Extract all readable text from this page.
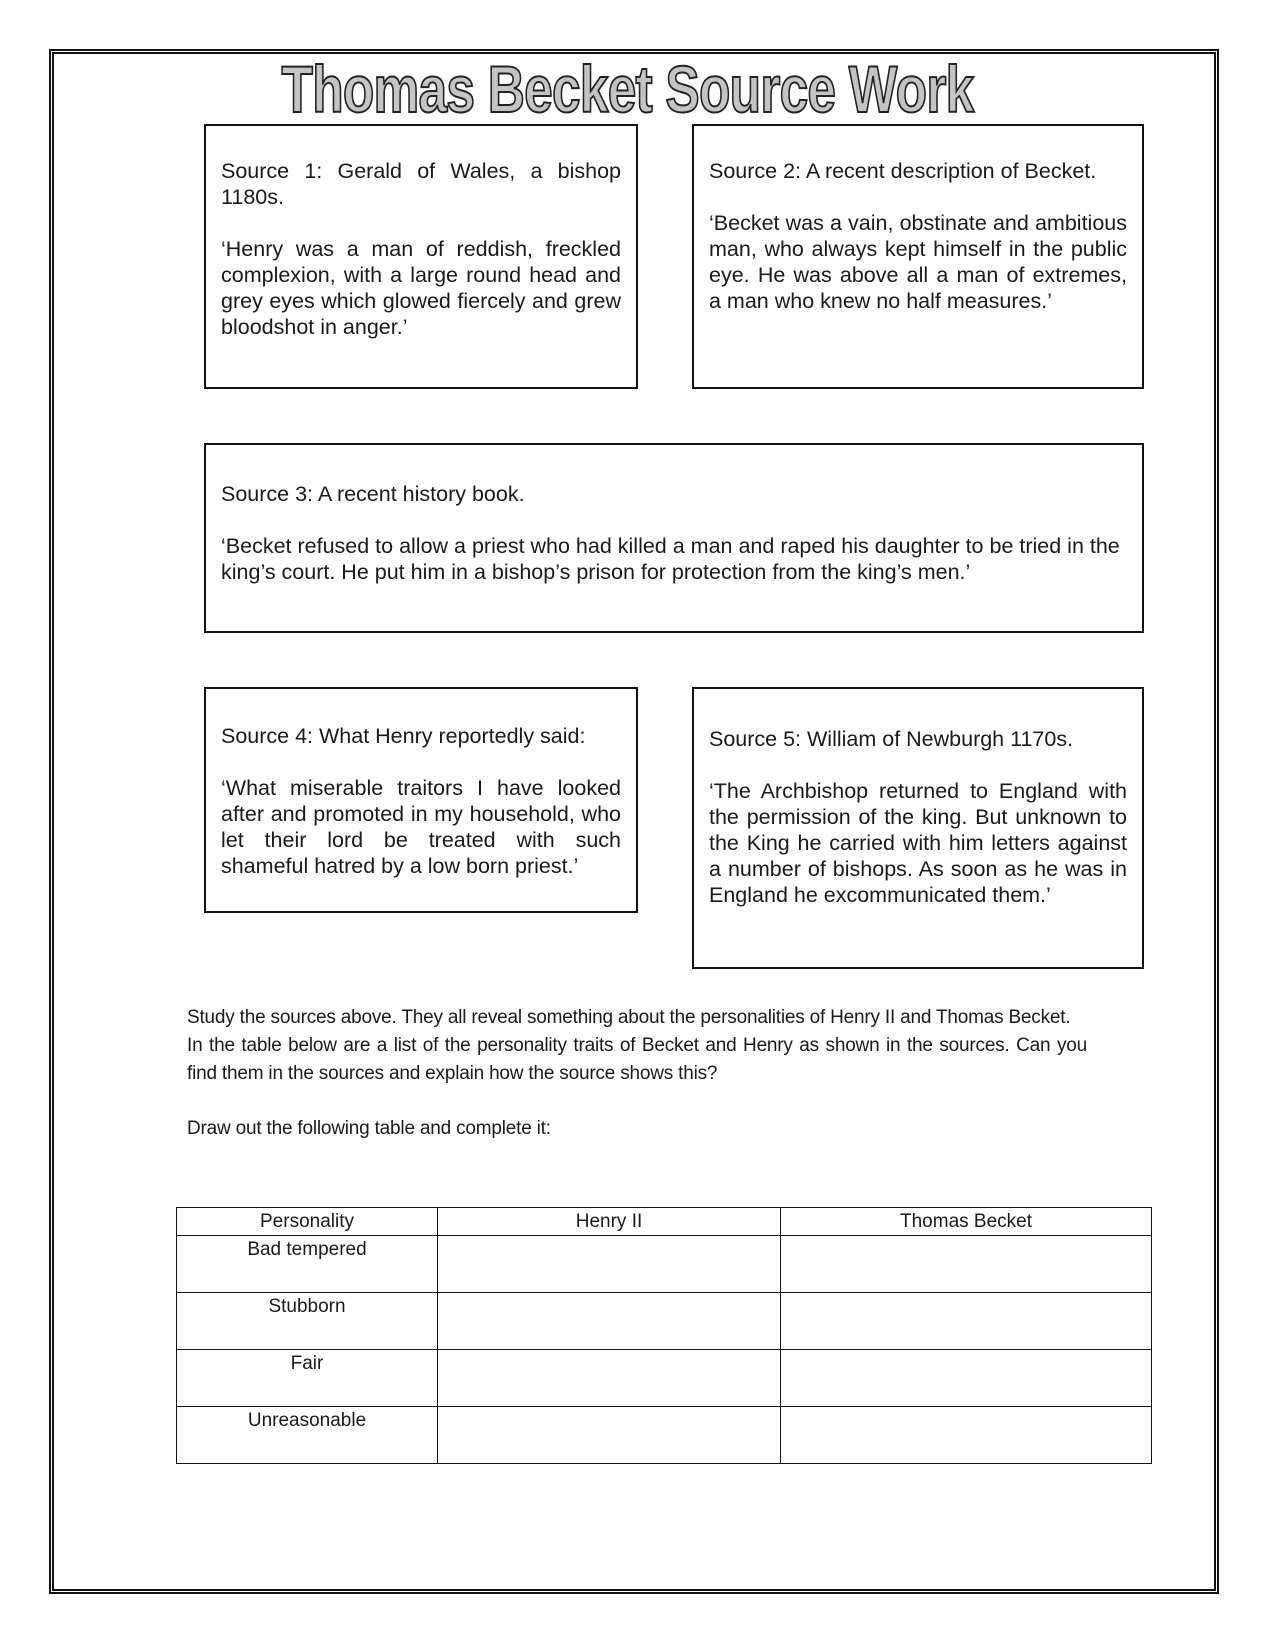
Thomas Becket Source Work

Source 1: Gerald of Wales, a bishop 1180s.

‘Henry was a man of reddish, freckled complexion, with a large round head and grey eyes which glowed fiercely and grew bloodshot in anger.’

Source 2: A recent description of Becket.

‘Becket was a vain, obstinate and ambitious man, who always kept himself in the public eye. He was above all a man of extremes, a man who knew no half measures.’

Source 3: A recent history book.

‘Becket refused to allow a priest who had killed a man and raped his daughter to be tried in the king’s court. He put him in a bishop’s prison for protection from the king’s men.’

Source 4: What Henry reportedly said:

‘What miserable traitors I have looked after and promoted in my household, who let their lord be treated with such shameful hatred by a low born priest.’

Source 5: William of Newburgh 1170s.

‘The Archbishop returned to England with the permission of the king. But unknown to the King he carried with him letters against a number of bishops. As soon as he was in England he excommunicated them.’

Study the sources above. They all reveal something about the personalities of Henry II and Thomas Becket.

In the table below are a list of the personality traits of Becket and Henry as shown in the sources. Can you find them in the sources and explain how the source shows this?

Draw out the following table and complete it:

Personality	Henry II	Thomas Becket
Bad tempered		
Stubborn		
Fair		
Unreasonable		
